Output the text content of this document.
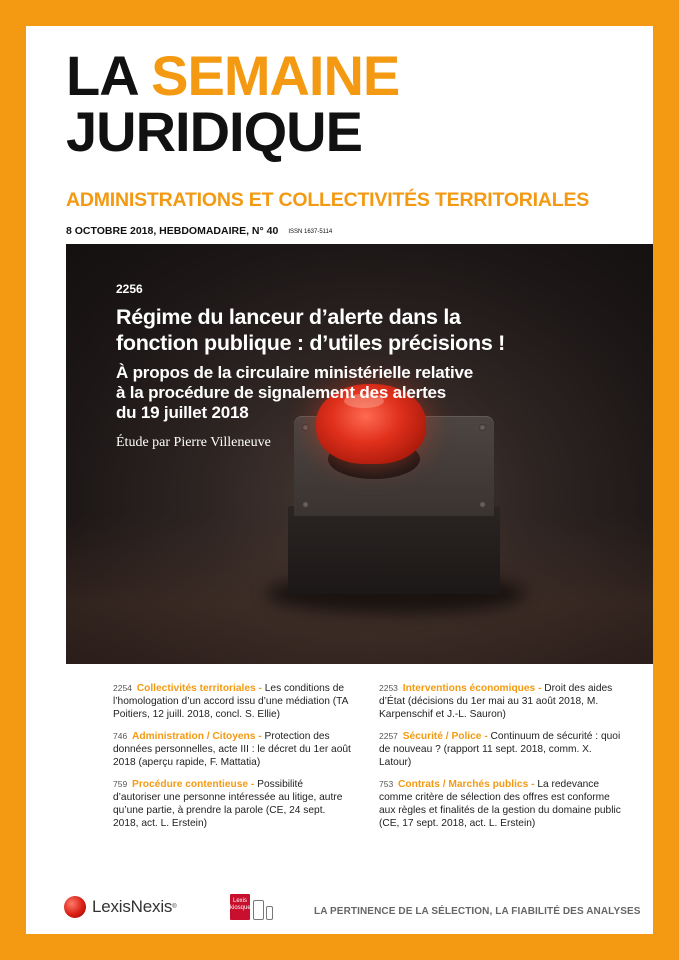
LA SEMAINE
JURIDIQUE
ADMINISTRATIONS ET COLLECTIVITÉS TERRITORIALES
8 OCTOBRE 2018, HEBDOMADAIRE, N° 40 ISSN 1637-5114
2256
Régime du lanceur d’alerte dans la
fonction publique : d’utiles précisions !
À propos de la circulaire ministérielle relative
à la procédure de signalement des alertes
du 19 juillet 2018
Étude par Pierre Villeneuve
2254 Collectivités territoriales - Les conditions de l’homologation d’un accord issu d’une médiation (TA Poitiers, 12 juill. 2018, concl. S. Ellie)
746 Administration / Citoyens - Protection des données personnelles, acte III : le décret du 1er août 2018 (aperçu rapide, F. Mattatia)
759 Procédure contentieuse - Possibilité d’autoriser une personne intéressée au litige, autre qu’une partie, à prendre la parole (CE, 24 sept. 2018, act. L. Erstein)
2253 Interventions économiques - Droit des aides d’État (décisions du 1er mai au 31 août 2018, M. Karpenschif et J.-L. Sauron)
2257 Sécurité / Police - Continuum de sécurité : quoi de nouveau ? (rapport 11 sept. 2018, comm. X. Latour)
753 Contrats / Marchés publics - La redevance comme critère de sélection des offres est conforme aux règles et finalités de la gestion du domaine public (CE, 17 sept. 2018, act. L. Erstein)
LexisNexis ®
Lexis
kiosque	LA PERTINENCE DE LA SÉLECTION, LA FIABILITÉ DES ANALYSES
